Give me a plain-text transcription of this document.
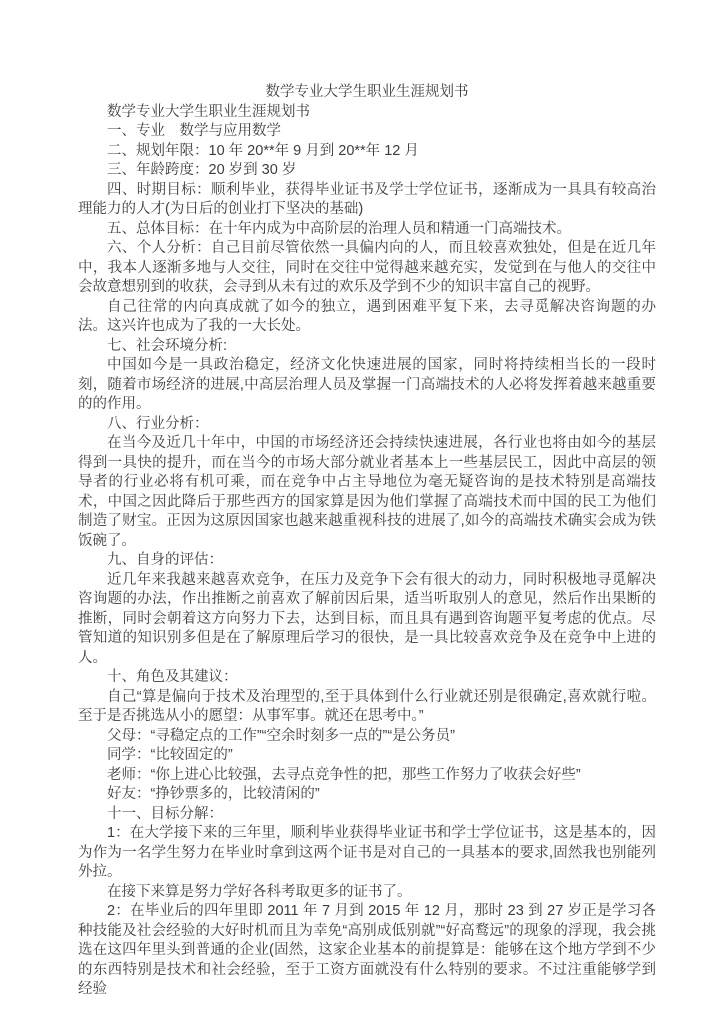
数学专业大学生职业生涯规划书

数学专业大学生职业生涯规划书

一、专业　数学与应用数学

二、规划年限：10 年 20**年 9 月到 20**年 12 月

三、年龄跨度：20 岁到 30 岁

四、时期目标：顺利毕业，获得毕业证书及学士学位证书，逐渐成为一具具有较高治理能力的人才(为日后的创业打下坚决的基础)

五、总体目标：在十年内成为中高阶层的治理人员和精通一门高端技术。

六、个人分析：自己目前尽管依然一具偏内向的人，而且较喜欢独处，但是在近几年中，我本人逐渐多地与人交往，同时在交往中觉得越来越充实，发觉到在与他人的交往中会故意想别到的收获，会寻到从未有过的欢乐及学到不少的知识丰富自己的视野。

自己往常的内向真成就了如今的独立，遇到困难平复下来，去寻觅解决咨询题的办法。这兴许也成为了我的一大长处。

七、社会环境分析:

中国如今是一具政治稳定，经济文化快速进展的国家，同时将持续相当长的一段时刻，随着市场经济的进展,中高层治理人员及掌握一门高端技术的人必将发挥着越来越重要的的作用。

八、行业分析：

在当今及近几十年中，中国的市场经济还会持续快速进展，各行业也将由如今的基层得到一具快的提升，而在当今的市场大部分就业者基本上一些基层民工，因此中高层的领导者的行业必将有机可乘，而在竞争中占主导地位为毫无疑咨询的是技术特别是高端技术，中国之因此降后于那些西方的国家算是因为他们掌握了高端技术而中国的民工为他们制造了财宝。正因为这原因国家也越来越重视科技的进展了,如今的高端技术确实会成为铁饭碗了。

九、自身的评估：

近几年来我越来越喜欢竞争，在压力及竞争下会有很大的动力，同时积极地寻觅解决咨询题的办法，作出推断之前喜欢了解前因后果，适当听取别人的意见，然后作出果断的推断，同时会朝着这方向努力下去，达到目标，而且具有遇到咨询题平复考虑的优点。尽管知道的知识别多但是在了解原理后学习的很快，是一具比较喜欢竞争及在竞争中上进的人。

十、角色及其建议：

自己“算是偏向于技术及治理型的,至于具体到什么行业就还别是很确定,喜欢就行啦。至于是否挑选从小的愿望：从事军事。就还在思考中。”

父母：“寻稳定点的工作”“空余时刻多一点的”“是公务员”

同学：“比较固定的”

老师：“你上进心比较强，去寻点竞争性的把，那些工作努力了收获会好些”

好友：“挣钞票多的，比较清闲的”

十一、目标分解：

1：在大学接下来的三年里，顺利毕业获得毕业证书和学士学位证书，这是基本的，因为作为一名学生努力在毕业时拿到这两个证书是对自己的一具基本的要求,固然我也别能列外拉。

在接下来算是努力学好各科考取更多的证书了。

2：在毕业后的四年里即 2011 年 7 月到 2015 年 12 月，那时 23 到 27 岁正是学习各种技能及社会经验的大好时机而且为幸免“高别成低别就”“好高鹜远”的现象的浮现，我会挑选在这四年里头到普通的企业(固然，这家企业基本的前提算是：能够在这个地方学到不少的东西特别是技术和社会经验，至于工资方面就没有什么特别的要求。不过注重能够学到经验
